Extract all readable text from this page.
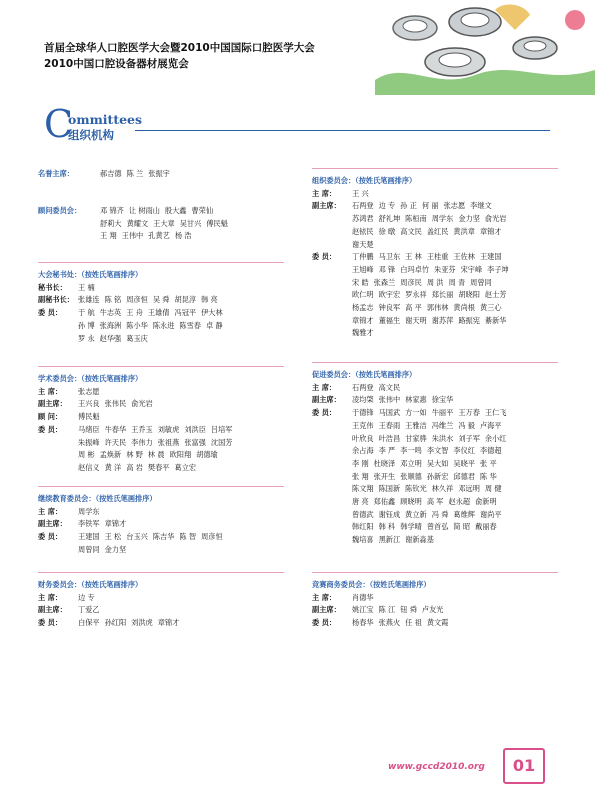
首届全球华人口腔医学大会暨2010中国国际口腔医学大会
2010中国口腔设备器材展览会
C
ommittees
组织机构
名誉主席：	郝吉德 陈 兰 张振宇
顾问委员会：	邓 锦齐 让 树雨山 殷大鑫 曹荣仙
舒莉大 黄耀文 王大章 吴甘兴 傅民魁
王 翔 王伟中 孔黄艺 杨 浩
大会秘书处：（按姓氏笔画排序）
秘书长：	王 楠
副秘书长： 张雄连 陈 铭 周彦恒 吴 舜 胡昆淳 韩 亮
委 员：	于 航 牛志英 王 舟 王雄倩 冯冠平 伊大林
孙 博 张海洲 陈小华 陈永进 陈雪春 卓 静
罗 永 赵华强 葛玉庆
学术委员会：（按姓氏笔画排序）
主 席：	张志愿
副主席：	王兴良 张伟民 俞光岩
顾 问：	傅民魁
委 员：	马绪臣 牛春华 王乔玉 刘敏虎 刘洪臣 吕培军
朱振峰 许天民 李伟力 张祖燕 张富强 沈国芳
周 彬 孟焕新 林 野 林 晨 欧阳翔 胡德瑜
赵信义 黄 洋 高 岩 樊春平 葛立宏
继续教育委员会：（按姓氏笔画排序）
主 席：	周学东
副主席：	李铁军 章锦才
委 员：	王建国 王 松 台玉兴 陈吉华 陈 智 周彦恒
周曾同 金力坚
财务委员会：（按姓氏笔画排序）
主 席：	边 专
副主席：	丁爱乙
委 员：	白保平 孙红阳 刘洪虎 章锦才
组织委员会：（按姓氏笔画排序）
主 席：	王 兴
副主席：	石两登 边 专 孙 正 何 丽 张志愿 李继文
苏鸿君 舒礼坤 陈桓南 周学东 金力坚 俞光岩
赵铱民 徐 暾 高文民 盖红民 黄洪章 章锦才
谢天楚
委 员：	丁仲鹏 马卫东 王 林 王桂重 王佐林 王建国
王旭峰 邓 锋 白玛卓竹 朱亚芬 宋宇峰 李子坤
宋 皓 张森兰 周彦民 周 洪 周 青 周曾同
欧仁明 欧宇宏 罗永祥 郑长丽 胡晓阳 赵士芳
杨孟志 钟良军 高 平 郭伟林 黄尚根 黄三心
章锦才 董福生 谢天明 谢苏萍 路振宪 綦新华
魏雅才
促进委员会：（按姓氏笔画排序）
主 席：	石两登 高文民
副主席：	凌均棨 张伟中 林家惠 徐宝华
委 员：	于德锋 马国武 方一如 牛丽平 王万春 王仁飞
王克伟 王春雨 王雅洁 冯维兰 冯 毅 卢海平
叶欣良 叶浩昌 甘家骅 朱洪水 刘子军 余小红
余占海 李 严 李一鸣 李文智 李仪红 李德超
李 刚 杜晓泽 邓立明 吴大如 吴晓平 张 平
张 翔 张开生 张顺德 孙新宏 邱德君 陈 华
陈文翔 陈国新 陈钦光 林久祥 邓远明 周 健
唐 亮 郑佑鑫 顾晓明 高 军 赵永超 俞新明
曾德武 谢钰成 黄立新 冯 舜 葛维辉 谢尚平
韩红阳 韩 科 韩学晴 曾首弘 简 昭 戴丽春
魏培喜 黑新江 谢新淼基
竞赛商务委员会：（按姓氏笔画排序）
主 席：	肖德华
副主席：	姚江宝 陈 江 钮 舜 卢友光
委 员：	杨春华 张燕火 任 祖 黄文霞
www.gccd2010.org	01
